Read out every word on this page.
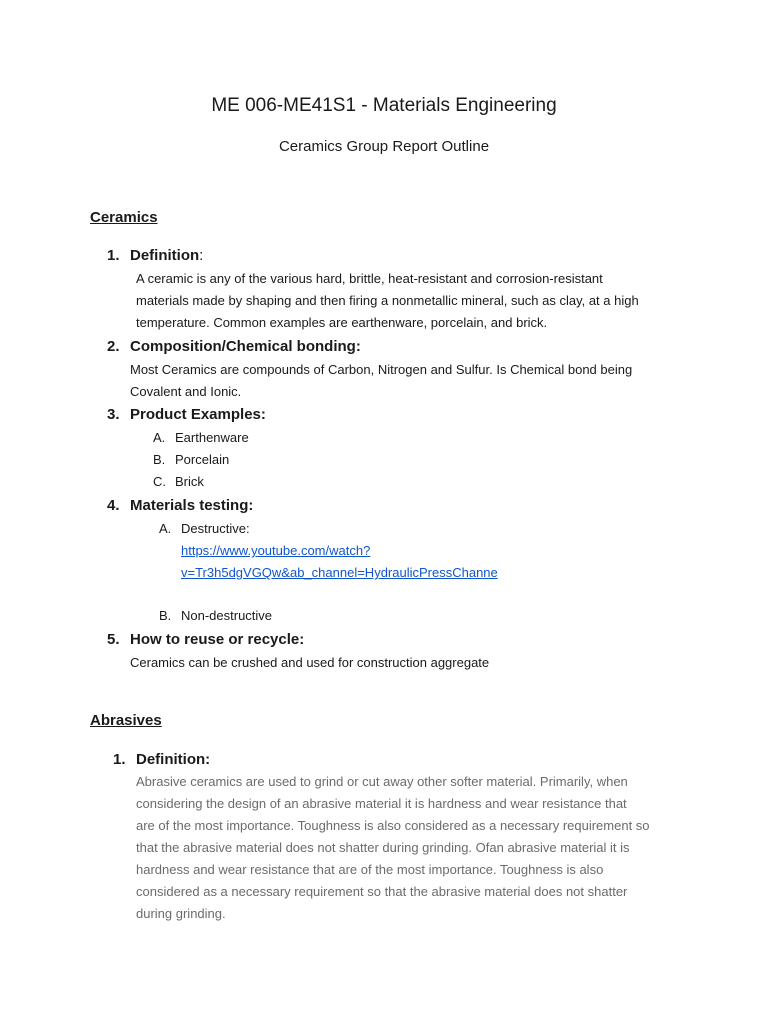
ME 006-ME41S1 - Materials Engineering
Ceramics Group Report Outline
Ceramics
1. Definition:
A ceramic is any of the various hard, brittle, heat-resistant and corrosion-resistant
materials made by shaping and then firing a nonmetallic mineral, such as clay, at a high
temperature. Common examples are earthenware, porcelain, and brick.
2. Composition/Chemical bonding:
Most Ceramics are compounds of Carbon, Nitrogen and Sulfur. Is Chemical bond being
Covalent and Ionic.
3. Product Examples:
A. Earthenware
B. Porcelain
C. Brick
4. Materials testing:
A. Destructive:
https://www.youtube.com/watch?
v=Tr3h5dgVGQw&ab_channel=HydraulicPressChanne
B. Non-destructive
5. How to reuse or recycle:
Ceramics can be crushed and used for construction aggregate
Abrasives
1. Definition:
Abrasive ceramics are used to grind or cut away other softer material. Primarily, when
considering the design of an abrasive material it is hardness and wear resistance that
are of the most importance. Toughness is also considered as a necessary requirement so
that the abrasive material does not shatter during grinding. Ofan abrasive material it is
hardness and wear resistance that are of the most importance. Toughness is also
considered as a necessary requirement so that the abrasive material does not shatter
during grinding.
